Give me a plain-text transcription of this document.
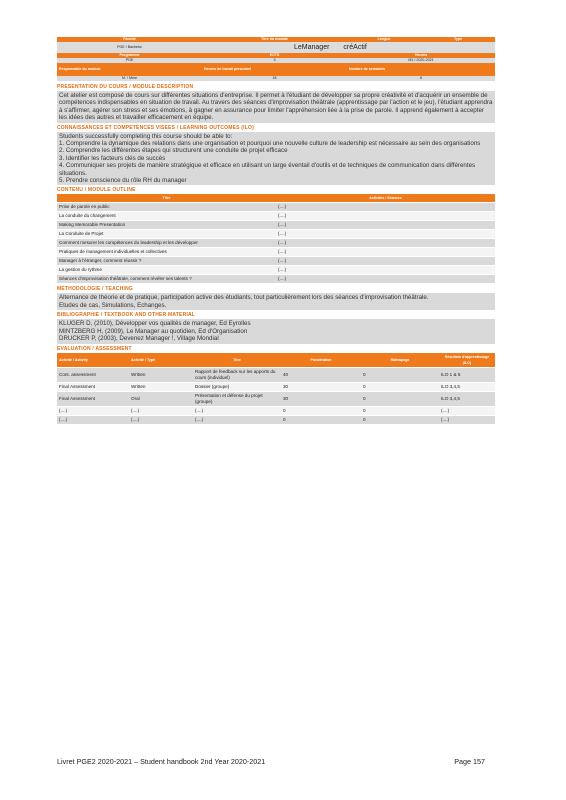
Faculté	Titre du module	Langue	Type
PGE / Bachelor	LeManager créActif
Programme	ECTS	Heures
PGE	3	M1 / 2020-2021
Responsable du module	Heures de travail personnel	Nombre de semaines
M. / Mme	18	6
PRESENTATION DU COURS / MODULE DESCRIPTION
Cet atelier est composé de cours sur différentes situations d'entreprise. Il permet à l'étudiant de développer sa propre créativité et d'acquérir un ensemble de compétences indispensables en situation de travail. Au travers des séances d'improvisation théâtrale (apprentissage par l'action et le jeu), l'étudiant apprendra à s'affirmer, agérer son stress et ses émotions, à gagner en assurance pour limiter l'appréhension liée à la prise de parole. Il apprend également à accepter les idées des autres et travailler efficacement en équipe.
CONNAISSANCES ET COMPETENCES VISEES / LEARNING OUTCOMES (ILO)
Students successfully completing this course should be able to:
1. Comprendre la dynamique des relations dans une organisation et pourquoi une nouvelle culture de leadership est nécessaire au sein des organisations
2. Comprendre les différentes étapes qui structurent une conduite de projet efficace
3. Identifier les facteurs clés de succès
4. Communiquer ses projets de manière stratégique et efficace en utilisant un large éventail d'outils et de techniques de communication dans différentes situations.
5. Prendre conscience du rôle RH du manager
CONTENU / MODULE OUTLINE
Titre	Activités / Séances
Prise de parole en public	(....)
La conduite du changement	(....)
Making Memorable Presentation	(....)
La Conduite de Projet	(....)
Comment mesurer les compétences du leadership et les développer	(....)
Pratiques de management individuelles et collectives	(....)
Manager à l'étranger, comment réussir ?	(....)
La gestion du rythme	(....)
Séances d'improvisation théâtrale, comment révéler ses talents ?	(....)
METHODOLOGIE / TEACHING
Alternance de théorie et de pratique, participation active des étudiants, tout particulièrement lors des séances d'improvisation théâtrale.
Etudes de cas, Simulations, Echanges.
BIBLIOGRAPHIE / TEXTBOOK AND OTHER MATERIAL
KLUGER D, (2010), Développer vos qualités de manager, Ed Eyrolles
MINTZBERG H, (2009), Le Manager au quotidien, Ed d'Organisation
DRUCKER P, (2003), Devenez Manager !, Village Mondial
EVALUATION / ASSESSMENT
Activité / Activity	Activité / Type	Titre	Pondération	Rattrapage	Résultats d'apprentissage (ILO)
Cont. assessment	Written	Rapport de feedback sur les apports du cours (individuel)	40	0	ILO 1 & 5
Final Assessment	Written	Dossier (groupe)	30	0	ILO 3,4,5
Final Assessment	Oral	Présentation et défense du projet (groupe)	30	0	ILO 3,4,5
(....)	(....)	(....)	0	0	(....)
(....)	(....)	(....)	0	0	(....)
Livret PGE2 2020-2021 – Student handbook 2nd Year 2020-2021	Page 157
